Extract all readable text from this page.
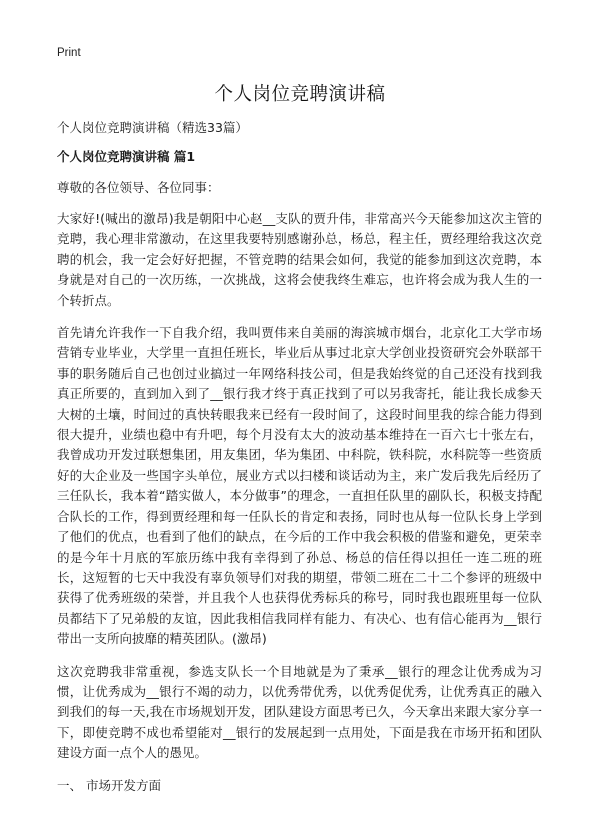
Print

个人岗位竞聘演讲稿

个人岗位竞聘演讲稿（精选33篇）

个人岗位竞聘演讲稿 篇1

尊敬的各位领导、各位同事：

大家好!(喊出的激昂)我是朝阳中心赵__支队的贾升伟，非常高兴今天能参加这次主管的竞聘，我心理非常激动，在这里我要特别感谢孙总，杨总，程主任，贾经理给我这次竞聘的机会，我一定会好好把握，不管竞聘的结果会如何，我觉的能参加到这次竞聘，本身就是对自己的一次历练，一次挑战，这将会使我终生难忘，也许将会成为我人生的一个转折点。

首先请允许我作一下自我介绍，我叫贾伟来自美丽的海滨城市烟台，北京化工大学市场营销专业毕业，大学里一直担任班长，毕业后从事过北京大学创业投资研究会外联部干事的职务随后自己也创过业搞过一年网络科技公司，但是我始终觉的自己还没有找到我真正所要的，直到加入到了__银行我才终于真正找到了可以另我寄托，能让我长成参天大树的土壤，时间过的真快转眼我来已经有一段时间了，这段时间里我的综合能力得到很大提升，业绩也稳中有升吧，每个月没有太大的波动基本维持在一百六七十张左右，我曾成功开发过联想集团，用友集团，华为集团、中科院，铁科院，水科院等一些资质好的大企业及一些国字头单位，展业方式以扫楼和谈话动为主，来广发后我先后经历了三任队长，我本着“踏实做人，本分做事”的理念，一直担任队里的副队长，积极支持配合队长的工作，得到贾经理和每一任队长的肯定和表扬，同时也从每一位队长身上学到了他们的优点，也看到了他们的缺点，在今后的工作中我会积极的借鉴和避免，更荣幸的是今年十月底的军旅历练中我有幸得到了孙总、杨总的信任得以担任一连二班的班长，这短暂的七天中我没有辜负领导们对我的期望，带领二班在二十二个参评的班级中获得了优秀班级的荣誉，并且我个人也获得优秀标兵的称号，同时我也跟班里每一位队员都结下了兄弟般的友谊，因此我相信我同样有能力、有决心、也有信心能再为__银行带出一支所向披靡的精英团队。(激昂)

这次竞聘我非常重视，参选支队长一个目地就是为了秉承__银行的理念让优秀成为习惯，让优秀成为__银行不竭的动力，以优秀带优秀，以优秀促优秀，让优秀真正的融入到我们的每一天,我在市场规划开发，团队建设方面思考已久，今天拿出来跟大家分享一下，即使竞聘不成也希望能对__银行的发展起到一点用处，下面是我在市场开拓和团队建设方面一点个人的愚见。

一、 市场开发方面
